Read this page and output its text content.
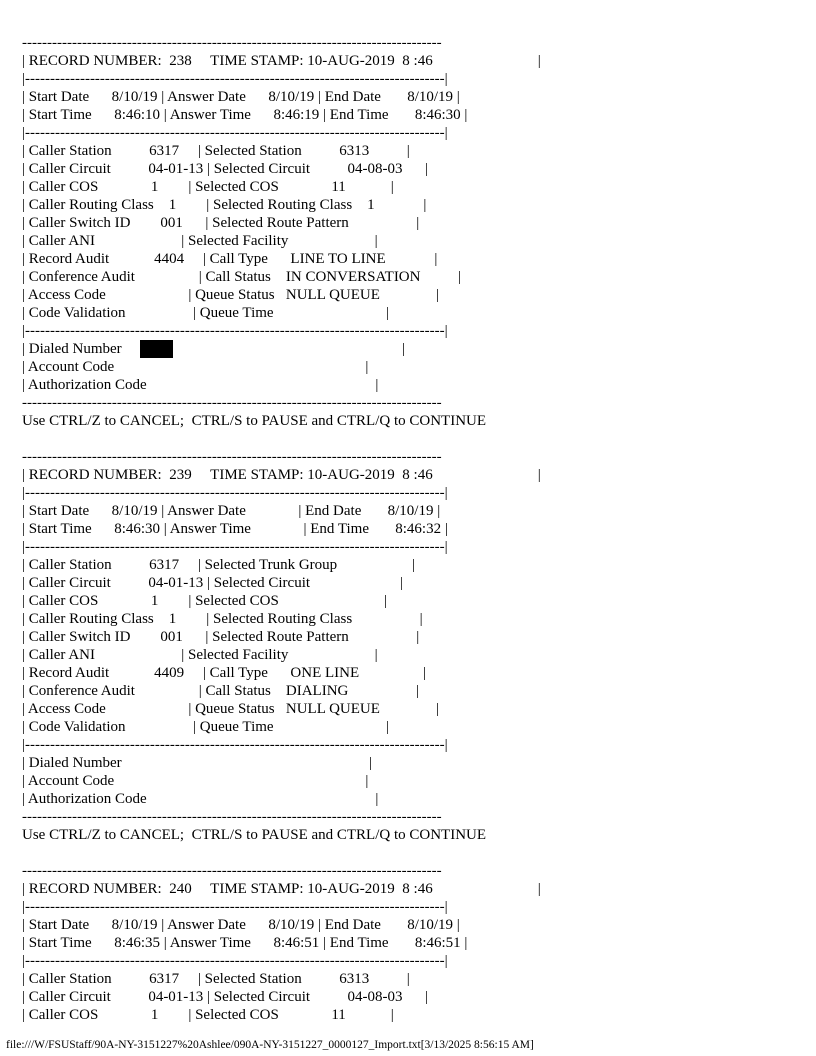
------------------------------------------------------------------------------------
| RECORD NUMBER:  238     TIME STAMP: 10-AUG-2019  8 :46                            |
|------------------------------------------------------------------------------------|
| Start Date      8/10/19 | Answer Date      8/10/19 | End Date       8/10/19 |
| Start Time      8:46:10 | Answer Time      8:46:19 | End Time       8:46:30 |
|------------------------------------------------------------------------------------|
| Caller Station          6317     | Selected Station          6313          |
| Caller Circuit          04-01-13 | Selected Circuit          04-08-03      |
| Caller COS              1        | Selected COS              11            |
| Caller Routing Class    1        | Selected Routing Class    1             |
| Caller Switch ID        001      | Selected Route Pattern                  |
| Caller ANI                       | Selected Facility                       |
| Record Audit            4404     | Call Type      LINE TO LINE             |
| Conference Audit                 | Call Status    IN CONVERSATION          |
| Access Code                      | Queue Status   NULL QUEUE               |
| Code Validation                  | Queue Time                              |
|------------------------------------------------------------------------------------|
| Dialed Number                                                                  |
| Account Code                                                                   |
| Authorization Code                                                             |
------------------------------------------------------------------------------------
Use CTRL/Z to CANCEL;  CTRL/S to PAUSE and CTRL/Q to CONTINUE
------------------------------------------------------------------------------------
| RECORD NUMBER:  239     TIME STAMP: 10-AUG-2019  8 :46                            |
|------------------------------------------------------------------------------------|
| Start Date      8/10/19 | Answer Date              | End Date       8/10/19 |
| Start Time      8:46:30 | Answer Time              | End Time       8:46:32 |
|------------------------------------------------------------------------------------|
| Caller Station          6317     | Selected Trunk Group                    |
| Caller Circuit          04-01-13 | Selected Circuit                        |
| Caller COS              1        | Selected COS                            |
| Caller Routing Class    1        | Selected Routing Class                  |
| Caller Switch ID        001      | Selected Route Pattern                  |
| Caller ANI                       | Selected Facility                       |
| Record Audit            4409     | Call Type      ONE LINE                 |
| Conference Audit                 | Call Status    DIALING                  |
| Access Code                      | Queue Status   NULL QUEUE               |
| Code Validation                  | Queue Time                              |
|------------------------------------------------------------------------------------|
| Dialed Number                                                                  |
| Account Code                                                                   |
| Authorization Code                                                             |
------------------------------------------------------------------------------------
Use CTRL/Z to CANCEL;  CTRL/S to PAUSE and CTRL/Q to CONTINUE
------------------------------------------------------------------------------------
| RECORD NUMBER:  240     TIME STAMP: 10-AUG-2019  8 :46                            |
|------------------------------------------------------------------------------------|
| Start Date      8/10/19 | Answer Date      8/10/19 | End Date       8/10/19 |
| Start Time      8:46:35 | Answer Time      8:46:51 | End Time       8:46:51 |
|------------------------------------------------------------------------------------|
| Caller Station          6317     | Selected Station          6313          |
| Caller Circuit          04-01-13 | Selected Circuit          04-08-03      |
| Caller COS              1        | Selected COS              11            |
file:///W/FSUStaff/90A-NY-3151227%20Ashlee/090A-NY-3151227_0000127_Import.txt[3/13/2025 8:56:15 AM]
